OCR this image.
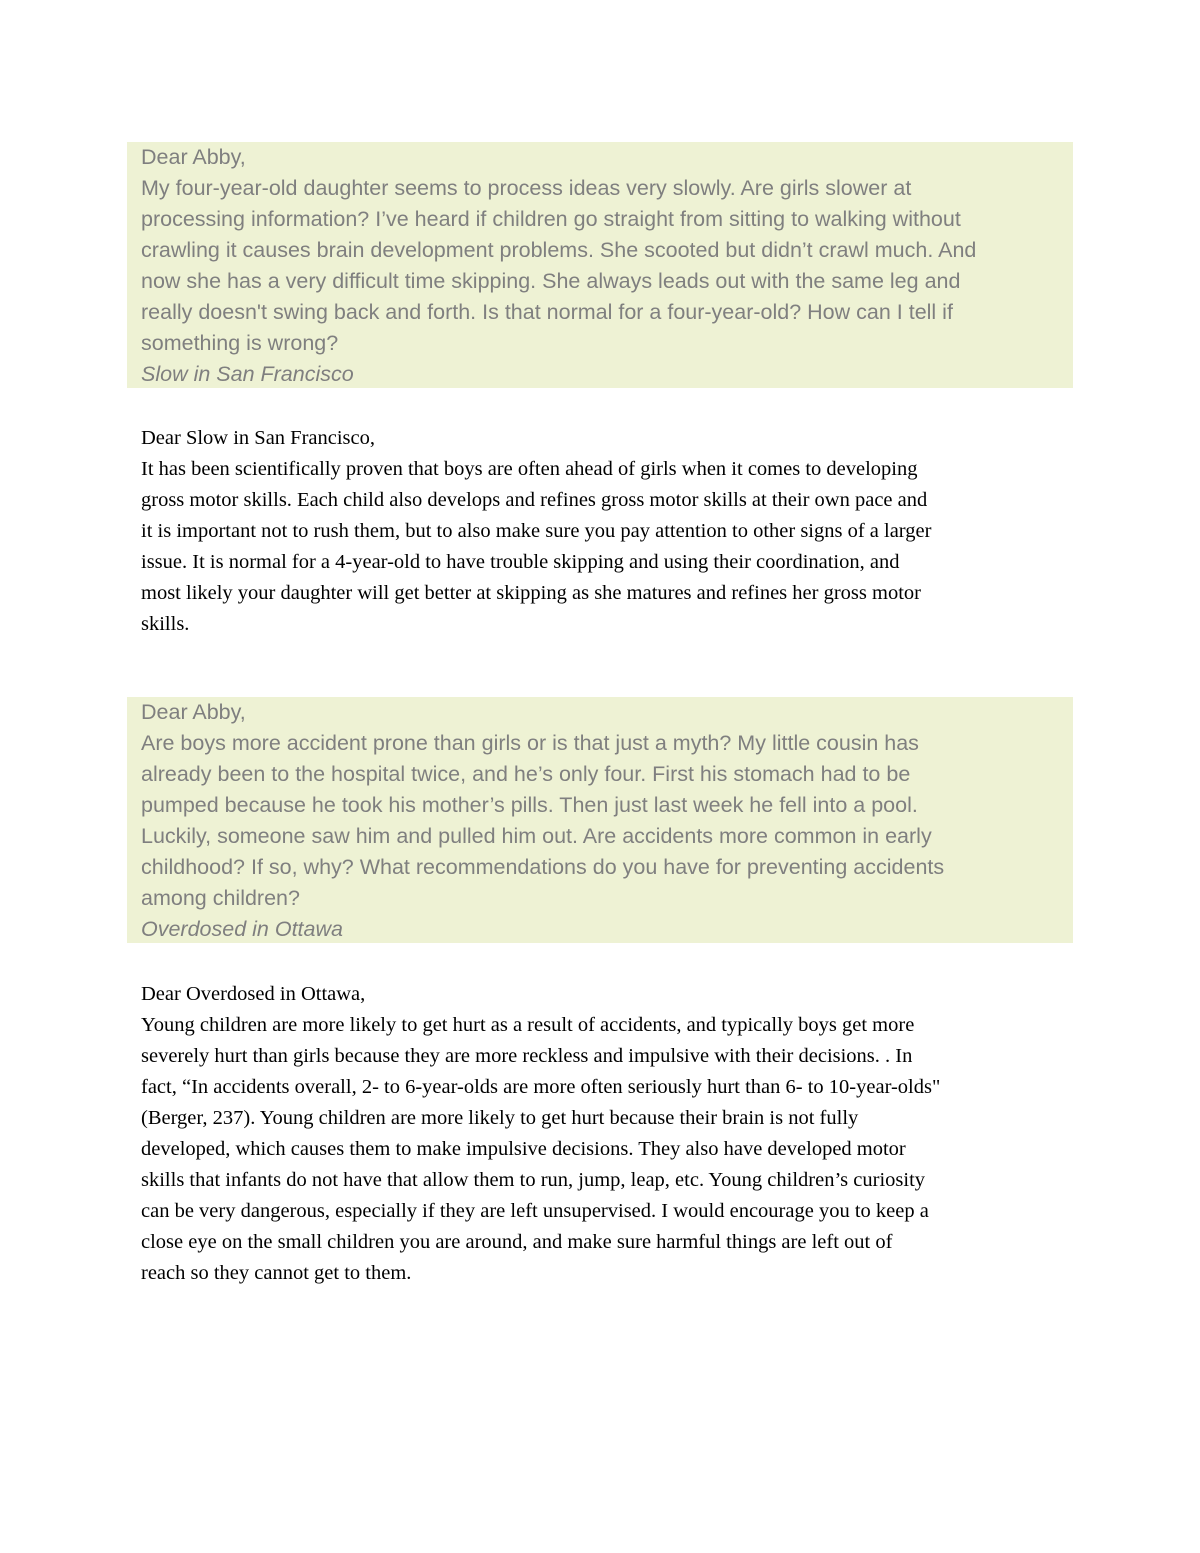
Dear Abby,
My four-year-old daughter seems to process ideas very slowly. Are girls slower at
processing information? I’ve heard if children go straight from sitting to walking without
crawling it causes brain development problems. She scooted but didn’t crawl much. And
now she has a very difficult time skipping. She always leads out with the same leg and
really doesn't swing back and forth. Is that normal for a four-year-old? How can I tell if
something is wrong?
Slow in San Francisco
Dear Slow in San Francisco,
It has been scientifically proven that boys are often ahead of girls when it comes to developing
gross motor skills. Each child also develops and refines gross motor skills at their own pace and
it is important not to rush them, but to also make sure you pay attention to other signs of a larger
issue. It is normal for a 4-year-old to have trouble skipping and using their coordination, and
most likely your daughter will get better at skipping as she matures and refines her gross motor
skills.
Dear Abby,
Are boys more accident prone than girls or is that just a myth? My little cousin has
already been to the hospital twice, and he’s only four. First his stomach had to be
pumped because he took his mother’s pills. Then just last week he fell into a pool.
Luckily, someone saw him and pulled him out. Are accidents more common in early
childhood? If so, why? What recommendations do you have for preventing accidents
among children?
Overdosed in Ottawa
Dear Overdosed in Ottawa,
Young children are more likely to get hurt as a result of accidents, and typically boys get more
severely hurt than girls because they are more reckless and impulsive with their decisions. . In
fact, “In accidents overall, 2- to 6-year-olds are more often seriously hurt than 6- to 10-year-olds"
(Berger, 237). Young children are more likely to get hurt because their brain is not fully
developed, which causes them to make impulsive decisions. They also have developed motor
skills that infants do not have that allow them to run, jump, leap, etc. Young children’s curiosity
can be very dangerous, especially if they are left unsupervised. I would encourage you to keep a
close eye on the small children you are around, and make sure harmful things are left out of
reach so they cannot get to them.
